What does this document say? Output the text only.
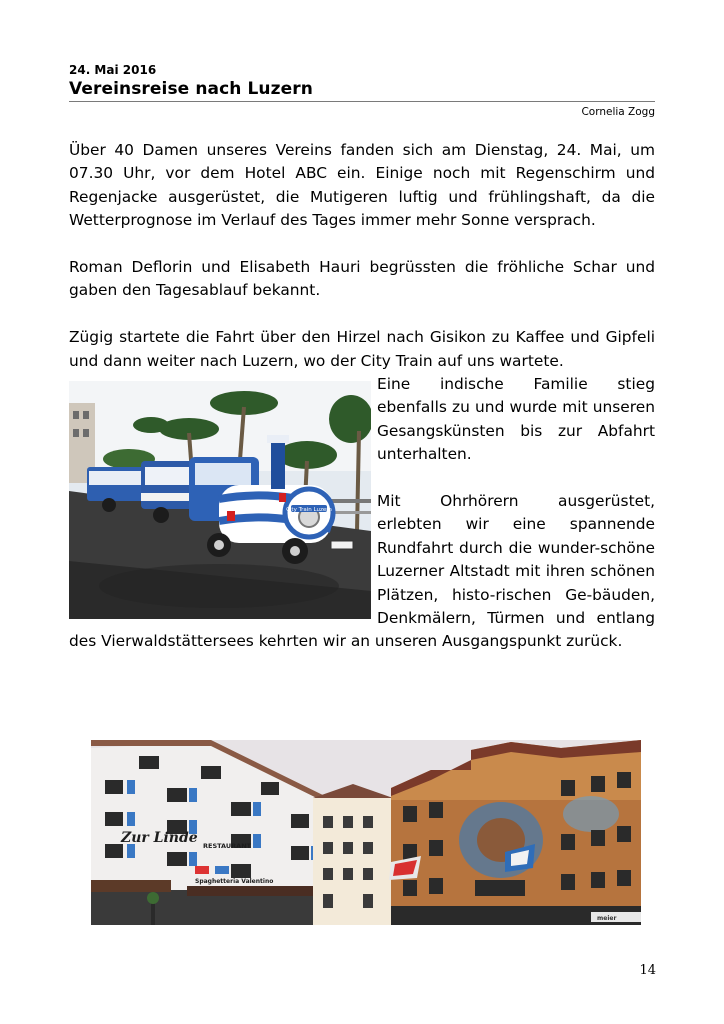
24. Mai 2016
Vereinsreise nach Luzern
Cornelia Zogg

Über 40 Damen unseres Vereins fanden sich am Dienstag, 24. Mai, um 07.30 Uhr, vor dem Hotel ABC ein. Einige noch mit Regenschirm und Regenjacke ausgerüstet, die Mutigeren luftig und frühlingshaft, da die Wetterprognose im Verlauf des Tages immer mehr Sonne versprach.

Roman Deflorin und Elisabeth Hauri begrüssten die fröhliche Schar und gaben den Tagesablauf bekannt.

Zügig startete die Fahrt über den Hirzel nach Gisikon zu Kaffee und Gipfeli und dann weiter nach Luzern, wo der City Train auf uns wartete.

City Train Luzern

Eine indische Familie stieg ebenfalls zu und wurde mit unseren Gesangskünsten bis zur Abfahrt unterhalten.

Mit Ohrhörern ausgerüstet, erlebten wir eine spannende Rundfahrt durch die wunder-schöne Luzerner Altstadt mit ihren schönen Plätzen, histo-rischen Ge-bäuden, Denkmälern, Türmen und entlang des Vierwaldstättersees kehrten wir an unseren Ausgangspunkt zurück.

Zur Linde RESTAURANT
Spaghetteria Valentino
meier
14
